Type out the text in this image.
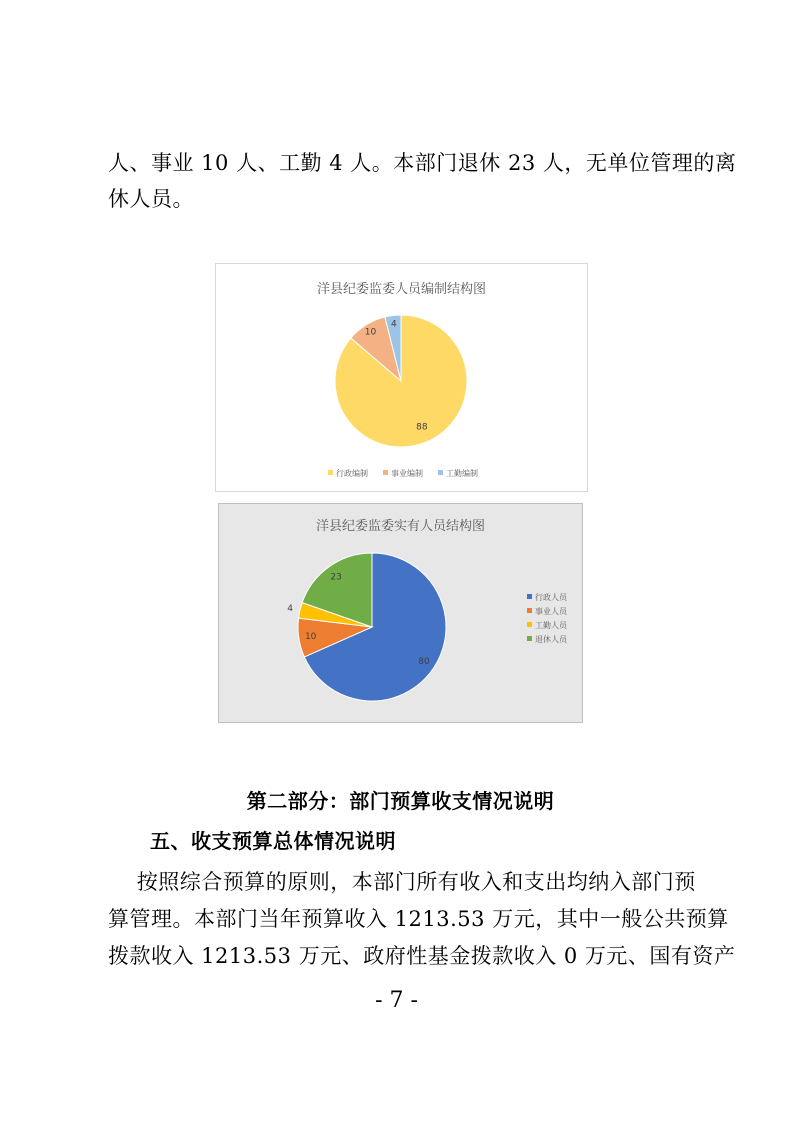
人、事业 10 人、工勤 4 人。本部门退休 23 人，无单位管理的离
休人员。
洋县纪委监委人员编制结构图
88
10
4
行政编制	事业编制	工勤编制
洋县纪委监委实有人员结构图
80
10
4
23
行政人员
事业人员
工勤人员
退休人员
第二部分：部门预算收支情况说明
五、收支预算总体情况说明
按照综合预算的原则，本部门所有收入和支出均纳入部门预
算管理。本部门当年预算收入 1213.53 万元，其中一般公共预算
拨款收入 1213.53 万元、政府性基金拨款收入 0 万元、国有资产
- 7 -
